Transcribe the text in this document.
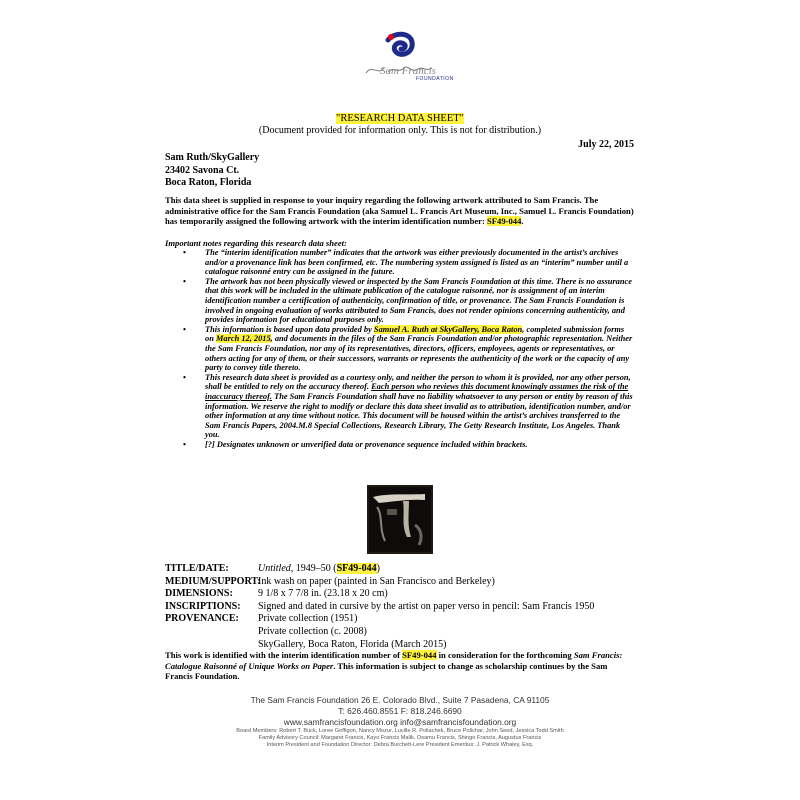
Sam Francis
FOUNDATION
"RESEARCH DATA SHEET"
(Document provided for information only. This is not for distribution.)
July 22, 2015
Sam Ruth/SkyGallery
23402 Savona Ct.
Boca Raton, Florida
This data sheet is supplied in response to your inquiry regarding the following artwork attributed to Sam Francis. The administrative office for the Sam Francis Foundation (aka Samuel L. Francis Art Museum, Inc., Samuel L. Francis Foundation) has temporarily assigned the following artwork with the interim identification number: SF49-044.
Important notes regarding this research data sheet:
• The “interim identification number” indicates that the artwork was either previously documented in the artist’s archives and/or a provenance link has been confirmed, etc. The numbering system assigned is listed as an “interim” number until a catalogue raisonné entry can be assigned in the future.
• The artwork has not been physically viewed or inspected by the Sam Francis Foundation at this time. There is no assurance that this work will be included in the ultimate publication of the catalogue raisonné, nor is assignment of an interim identification number a certification of authenticity, confirmation of title, or provenance. The Sam Francis Foundation is involved in ongoing evaluation of works attributed to Sam Francis, does not render opinions concerning authenticity, and provides information for educational purposes only.
• This information is based upon data provided by Samuel A. Ruth at SkyGallery, Boca Raton, completed submission forms on March 12, 2015, and documents in the files of the Sam Francis Foundation and/or photographic representation. Neither the Sam Francis Foundation, nor any of its representatives, directors, officers, employees, agents or representatives, or others acting for any of them, or their successors, warrants or represents the authenticity of the work or the capacity of any party to convey title thereto.
• This research data sheet is provided as a courtesy only, and neither the person to whom it is provided, nor any other person, shall be entitled to rely on the accuracy thereof. Each person who reviews this document knowingly assumes the risk of the inaccuracy thereof. The Sam Francis Foundation shall have no liability whatsoever to any person or entity by reason of this information. We reserve the right to modify or declare this data sheet invalid as to attribution, identification number, and/or other information at any time without notice. This document will be housed within the artist’s archives transferred to the Sam Francis Papers, 2004.M.8 Special Collections, Research Library, The Getty Research Institute, Los Angeles. Thank you.
• [?] Designates unknown or unverified data or provenance sequence included within brackets.
TITLE/DATE:	Untitled, 1949–50 (SF49-044)
MEDIUM/SUPPORT:
Ink wash on paper (painted in San Francisco and Berkeley)
DIMENSIONS:	9 1/8 x 7 7/8 in. (23.18 x 20 cm)
INSCRIPTIONS:	Signed and dated in cursive by the artist on paper verso in pencil: Sam Francis 1950
PROVENANCE:	Private collection (1951)
Private collection (c. 2008)
SkyGallery, Boca Raton, Florida (March 2015)
This work is identified with the interim identification number of SF49-044 in consideration for the forthcoming Sam Francis: Catalogue Raisonné of Unique Works on Paper. This information is subject to change as scholarship continues by the Sam Francis Foundation.
The Sam Francis Foundation 26 E. Colorado Blvd., Suite 7 Pasadena, CA 91105
T: 626.460.8551 F: 818.246.6690
www.samfrancisfoundation.org info@samfrancisfoundation.org
Board Members: Robert T. Buck, Loree Goffigon, Nancy Mozur, Lucille R. Poliachek, Bruce Polichar, John Seed, Jessica Todd Smith
Family Advisory Council: Margaret Francis, Kayo Francis Malik, Osamu Francis, Shingo Francis, Augustus Francis
Interim President and Foundation Director: Debra Burchett-Lere President Emeritus: J. Patrick Whaley, Esq.
